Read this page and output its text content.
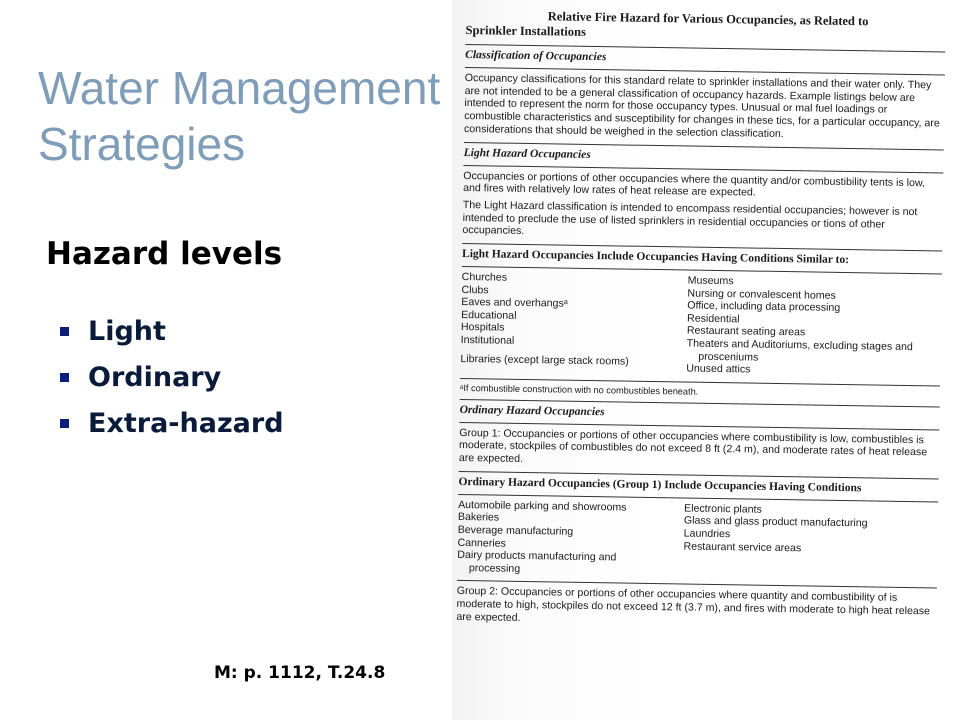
Water Management
Strategies
Hazard levels
Light
Ordinary
Extra-hazard
M: p. 1112, T.24.8
Relative Fire Hazard for Various Occupancies, as Related to
Sprinkler Installations
Classification of Occupancies
Occupancy classifications for this standard relate to sprinkler installations and their water only. They are not intended to be a general classification of occupancy hazards. Example listings below are intended to represent the norm for those occupancy types. Unusual or mal fuel loadings or combustible characteristics and susceptibility for changes in these tics, for a particular occupancy, are considerations that should be weighed in the selection classification.
Light Hazard Occupancies
Occupancies or portions of other occupancies where the quantity and/or combustibility tents is low, and fires with relatively low rates of heat release are expected.
The Light Hazard classification is intended to encompass residential occupancies; however is not intended to preclude the use of listed sprinklers in residential occupancies or tions of other occupancies.
Light Hazard Occupancies Include Occupancies Having Conditions Similar to:
Churches
Clubs
Eaves and overhangsᵃ
Educational
Hospitals
Institutional
Libraries (except large stack rooms)
Museums
Nursing or convalescent homes
Office, including data processing
Residential
Restaurant seating areas
Theaters and Auditoriums, excluding stages and
prosceniums
Unused attics
ᵃIf combustible construction with no combustibles beneath.
Ordinary Hazard Occupancies
Group 1: Occupancies or portions of other occupancies where combustibility is low, combustibles is moderate, stockpiles of combustibles do not exceed 8 ft (2.4 m), and moderate rates of heat release are expected.
Ordinary Hazard Occupancies (Group 1) Include Occupancies Having Conditions
Automobile parking and showrooms
Bakeries
Beverage manufacturing
Canneries
Dairy products manufacturing and
processing
Electronic plants
Glass and glass product manufacturing
Laundries
Restaurant service areas
Group 2: Occupancies or portions of other occupancies where quantity and combustibility of is moderate to high, stockpiles do not exceed 12 ft (3.7 m), and fires with moderate to high heat release are expected.
